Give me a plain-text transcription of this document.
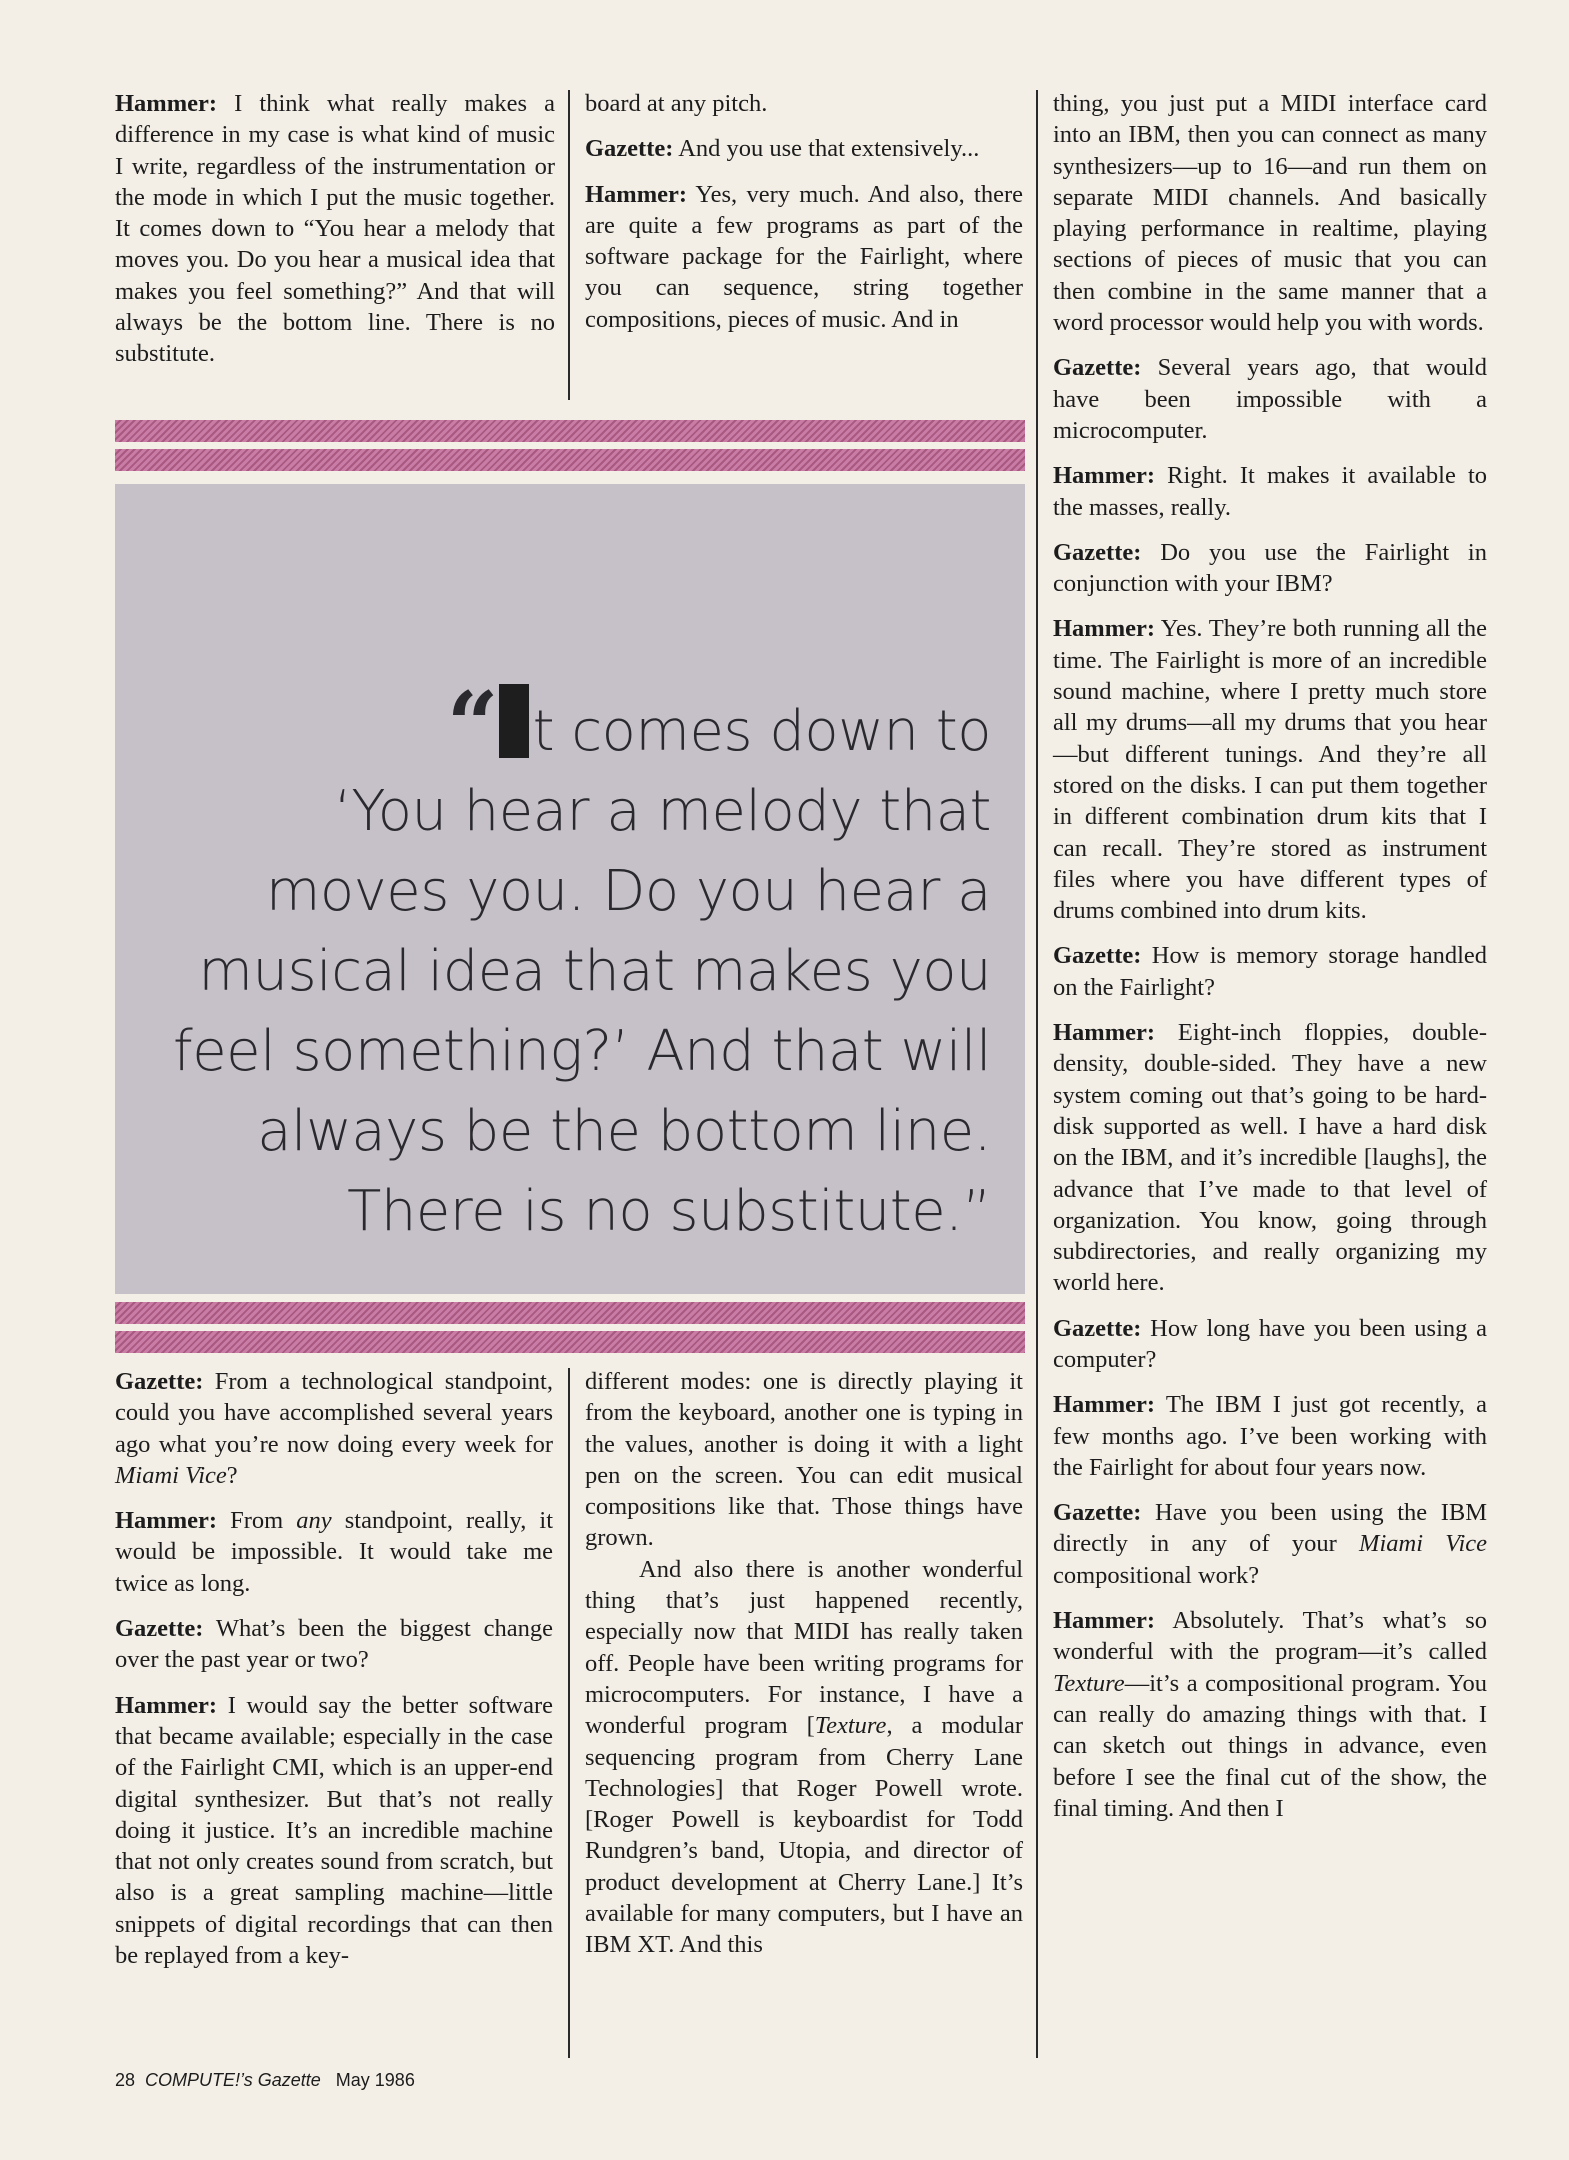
Hammer: I think what really makes a difference in my case is what kind of music I write, regardless of the instrumentation or the mode in which I put the music together. It comes down to “You hear a melody that moves you. Do you hear a musical idea that makes you feel something?” And that will always be the bottom line. There is no substitute.

board at any pitch.

Gazette: And you use that extensively...

Hammer: Yes, very much. And also, there are quite a few programs as part of the software package for the Fairlight, where you can sequence, string together compositions, pieces of music. And in

“ t comes down to
‘You hear a melody that
moves you. Do you hear a
musical idea that makes you
feel something?’ And that will
always be the bottom line.
There is no substitute.”

Gazette: From a technological standpoint, could you have accomplished several years ago what you’re now doing every week for Miami Vice?

Hammer: From any standpoint, really, it would be impossible. It would take me twice as long.

Gazette: What’s been the biggest change over the past year or two?

Hammer: I would say the better software that became available; especially in the case of the Fairlight CMI, which is an upper-end digital synthesizer. But that’s not really doing it justice. It’s an incredible machine that not only creates sound from scratch, but also is a great sampling machine—little snippets of digital recordings that can then be replayed from a key-

different modes: one is directly playing it from the keyboard, another one is typing in the values, another is doing it with a light pen on the screen. You can edit musical compositions like that. Those things have grown.

And also there is another wonderful thing that’s just happened recently, especially now that MIDI has really taken off. People have been writing programs for microcomputers. For instance, I have a wonderful program [Texture, a modular sequencing program from Cherry Lane Technologies] that Roger Powell wrote. [Roger Powell is keyboardist for Todd Rundgren’s band, Utopia, and director of product development at Cherry Lane.] It’s available for many computers, but I have an IBM XT. And this

thing, you just put a MIDI interface card into an IBM, then you can connect as many synthesizers—up to 16—and run them on separate MIDI channels. And basically playing performance in realtime, playing sections of pieces of music that you can then combine in the same manner that a word processor would help you with words.

Gazette: Several years ago, that would have been impossible with a microcomputer.

Hammer: Right. It makes it available to the masses, really.

Gazette: Do you use the Fairlight in conjunction with your IBM?

Hammer: Yes. They’re both running all the time. The Fairlight is more of an incredible sound machine, where I pretty much store all my drums—all my drums that you hear—but different tunings. And they’re all stored on the disks. I can put them together in different combination drum kits that I can recall. They’re stored as instrument files where you have different types of drums combined into drum kits.

Gazette: How is memory storage handled on the Fairlight?

Hammer: Eight-inch floppies, double-density, double-sided. They have a new system coming out that’s going to be hard-disk supported as well. I have a hard disk on the IBM, and it’s incredible [laughs], the advance that I’ve made to that level of organization. You know, going through subdirectories, and really organizing my world here.

Gazette: How long have you been using a computer?

Hammer: The IBM I just got recently, a few months ago. I’ve been working with the Fairlight for about four years now.

Gazette: Have you been using the IBM directly in any of your Miami Vice compositional work?

Hammer: Absolutely. That’s what’s so wonderful with the program—it’s called Texture—it’s a compositional program. You can really do amazing things with that. I can sketch out things in advance, even before I see the final cut of the show, the final timing. And then I

28 COMPUTE!’s Gazette May 1986
